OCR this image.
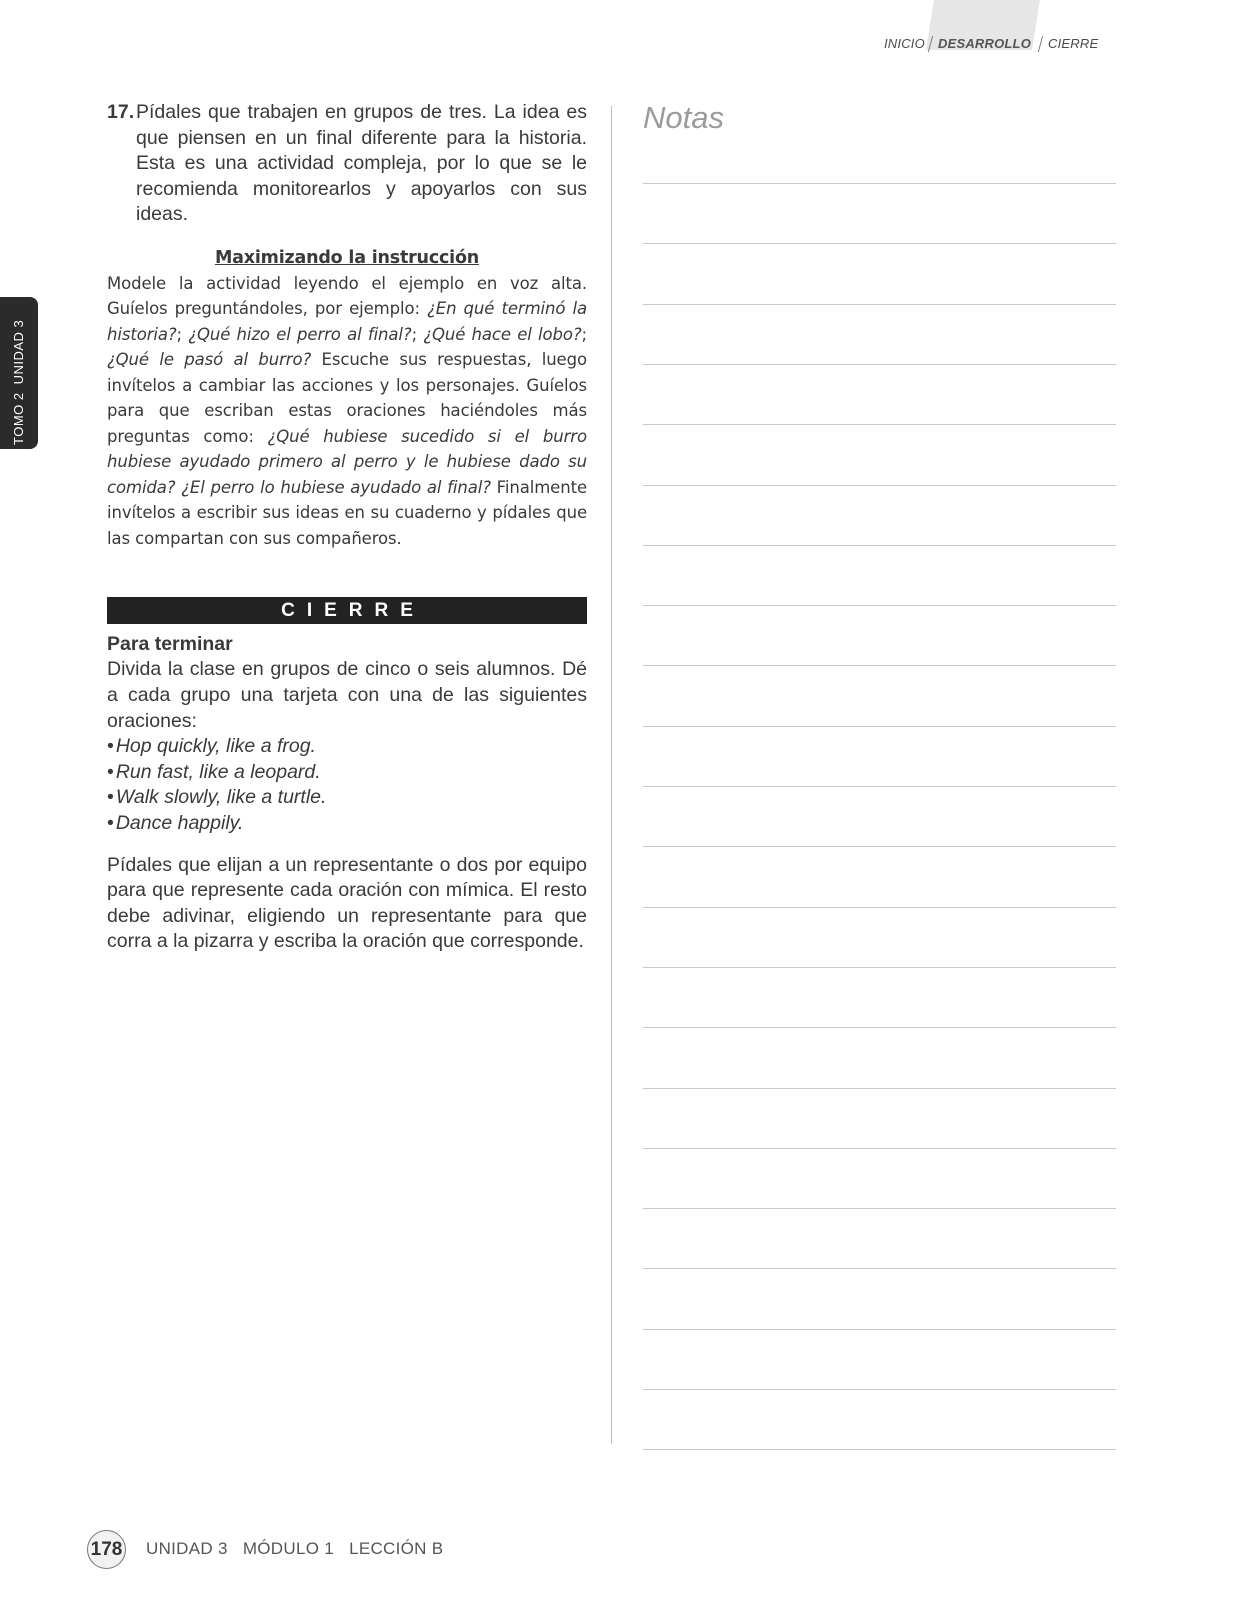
INICIO DESARROLLO CIERRE
TOMO 2UNIDAD 3
17. Pídales que trabajen en grupos de tres. La idea es que piensen en un final diferente para la historia. Esta es una actividad compleja, por lo que se le recomienda monitorearlos y apoyarlos con sus ideas.
Maximizando la instrucción
Modele la actividad leyendo el ejemplo en voz alta. Guíelos preguntándoles, por ejemplo: ¿En qué terminó la historia?; ¿Qué hizo el perro al final?; ¿Qué hace el lobo?; ¿Qué le pasó al burro? Escuche sus respuestas, luego invítelos a cambiar las acciones y los personajes. Guíelos para que escriban estas oraciones haciéndoles más preguntas como: ¿Qué hubiese sucedido si el burro hubiese ayudado primero al perro y le hubiese dado su comida? ¿El perro lo hubiese ayudado al final? Finalmente invítelos a escribir sus ideas en su cuaderno y pídales que las compartan con sus compañeros.
CIERRE
Para terminar
Divida la clase en grupos de cinco o seis alumnos. Dé a cada grupo una tarjeta con una de las siguientes oraciones:
• Hop quickly, like a frog.
• Run fast, like a leopard.
• Walk slowly, like a turtle.
• Dance happily.
Pídales que elijan a un representante o dos por equipo para que represente cada oración con mímica. El resto debe adivinar, eligiendo un representante para que corra a la pizarra y escriba la oración que corresponde.
Notas
178 UNIDAD 3   MÓDULO 1   LECCIÓN B
